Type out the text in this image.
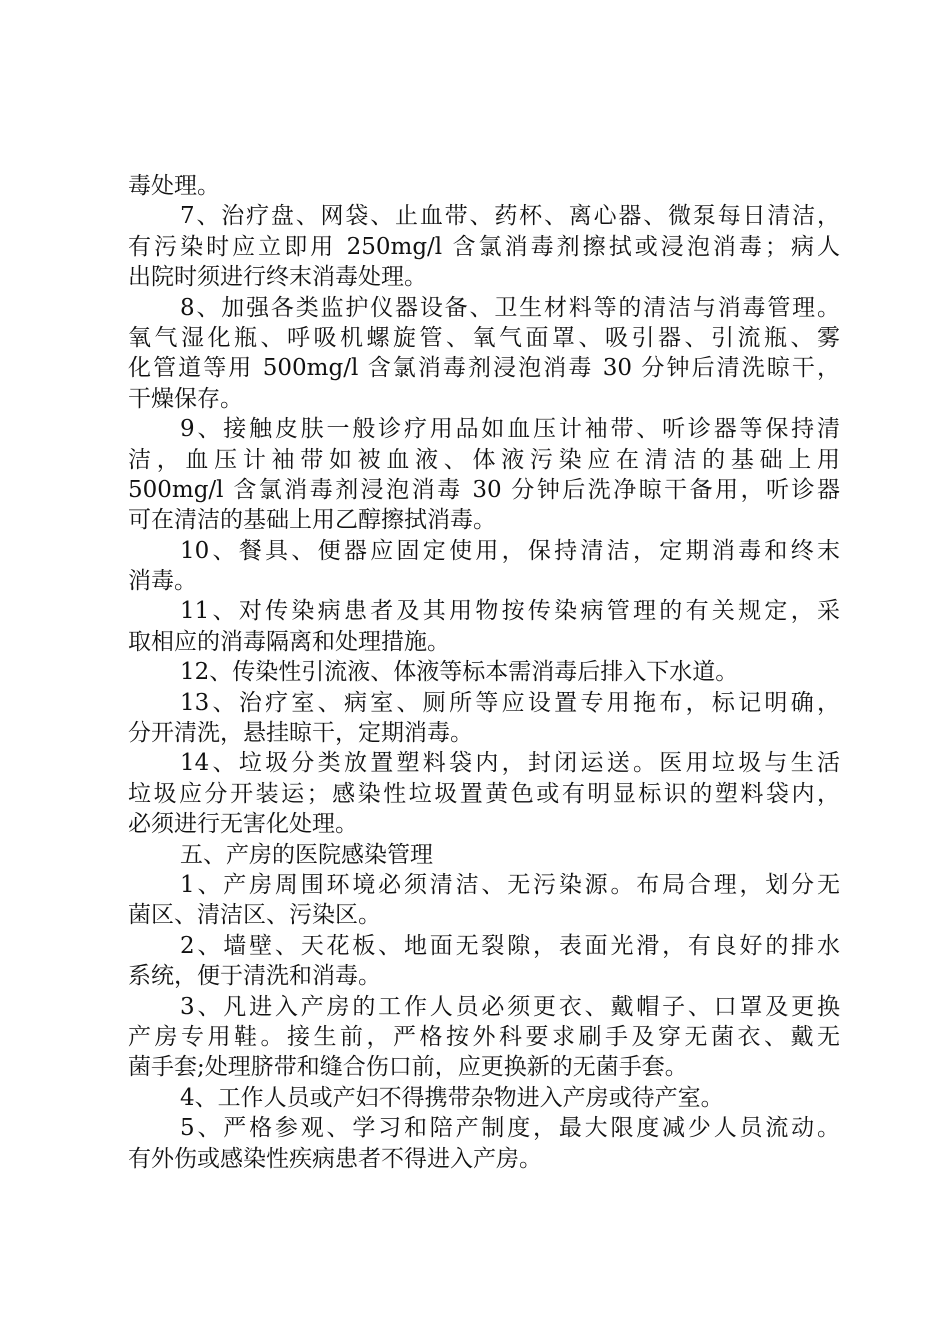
毒处理。
7、治疗盘、网袋、止血带、药杯、离心器、微泵每日清洁，
有污染时应立即用 250mg/l 含氯消毒剂擦拭或浸泡消毒；病人
出院时须进行终末消毒处理。
8、加强各类监护仪器设备、卫生材料等的清洁与消毒管理。
氧气湿化瓶、呼吸机螺旋管、氧气面罩、吸引器、引流瓶、雾
化管道等用 500mg/l 含氯消毒剂浸泡消毒 30 分钟后清洗晾干，
干燥保存。
9、接触皮肤一般诊疗用品如血压计袖带、听诊器等保持清
洁，血压计袖带如被血液、体液污染应在清洁的基础上用
500mg/l 含氯消毒剂浸泡消毒 30 分钟后洗净晾干备用，听诊器
可在清洁的基础上用乙醇擦拭消毒。
10、餐具、便器应固定使用，保持清洁，定期消毒和终末
消毒。
11、对传染病患者及其用物按传染病管理的有关规定，采
取相应的消毒隔离和处理措施。
12、传染性引流液、体液等标本需消毒后排入下水道。
13、治疗室、病室、厕所等应设置专用拖布，标记明确，
分开清洗，悬挂晾干，定期消毒。
14、垃圾分类放置塑料袋内，封闭运送。医用垃圾与生活
垃圾应分开装运；感染性垃圾置黄色或有明显标识的塑料袋内，
必须进行无害化处理。
五、产房的医院感染管理
1、产房周围环境必须清洁、无污染源。布局合理，划分无
菌区、清洁区、污染区。
2、墙壁、天花板、地面无裂隙，表面光滑，有良好的排水
系统，便于清洗和消毒。
3、凡进入产房的工作人员必须更衣、戴帽子、口罩及更换
产房专用鞋。接生前，严格按外科要求刷手及穿无菌衣、戴无
菌手套;处理脐带和缝合伤口前，应更换新的无菌手套。
4、工作人员或产妇不得携带杂物进入产房或待产室。
5、严格参观、学习和陪产制度，最大限度减少人员流动。
有外伤或感染性疾病患者不得进入产房。
